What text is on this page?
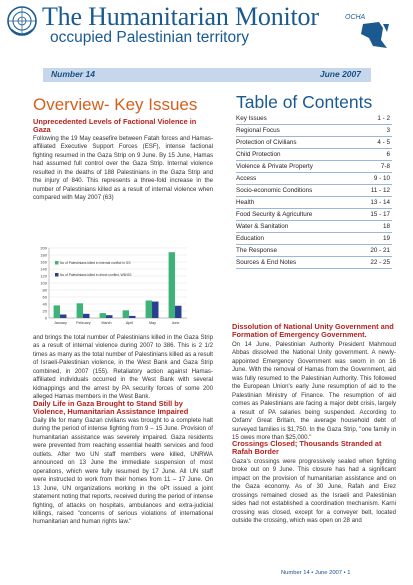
The Humanitarian Monitor
occupied Palestinian territory
OCHA
Number 14	June 2007
Overview- Key Issues
Unprecedented Levels of Factional Violence in Gaza
Following the 19 May ceasefire between Fatah forces and Hamas-affiliated Executive Support Forces (ESF), intense factional fighting resumed in the Gaza Strip on 9 June. By 15 June, Hamas had assumed full control over the Gaza Strip. Internal violence resulted in the deaths of 188 Palestinians in the Gaza Strip and the injury of 840. This represents a three-fold increase in the number of Palestinians killed as a result of internal violence when compared with May 2007 (63)
200
180
160
140
120
100
80
60
40
20
0
January	February	March	April	May	June
No of Palestinians killed in internal conflict in GS
No of Palestinians killed in direct conflict, WB/GS
and brings the total number of Palestinians killed in the Gaza Strip as a result of internal violence during 2007 to 386. This is 2 1/2 times as many as the total number of Palestinians killed as a result of Israeli-Palestinian violence, in the West Bank and Gaza Strip combined, in 2007 (155). Retaliatory action against Hamas-affiliated individuals occurred in the West Bank with several kidnappings and the arrest by PA security forces of some 200 alleged Hamas members in the West Bank.
Daily Life in Gaza Brought to Stand Still by Violence, Humanitarian Assistance Impaired
Daily life for many Gazan civilians was brought to a complete halt during the period of intense fighting from 9 – 15 June. Provision of humanitarian assistance was severely impaired. Gaza residents were prevented from reaching essential health services and food outlets. After two UN staff members were killed, UNRWA announced on 13 June the immediate suspension of most operations, which were fully resumed by 17 June. All UN staff were instructed to work from their homes from 11 – 17 June. On 13 June, UN organizations working in the oPt issued a joint statement noting that reports, received during the period of intense fighting, of attacks on hospitals, ambulances and extra-judicial killings, raised "concerns of serious violations of international humanitarian and human rights law."
Table of Contents
Key Issues	1 - 2
Regional Focus	3
Protection of Civilians	4 - 5
Child Protection	6
Violence & Private Property	7-8
Access	9 - 10
Socio-economic Conditions	11 - 12
Health	13 - 14
Food Security & Agriculture	15 - 17
Water & Sanitation	18
Education	19
The Response	20 - 21
Sources & End Notes	22 - 25
Dissolution of National Unity Government and Formation of Emergency Government.
On 14 June, Palestinian Authority President Mahmoud Abbas dissolved the National Unity government. A newly-appointed Emergency Government was sworn in on 16 June. With the removal of Hamas from the Government, aid was fully resumed to the Palestinian Authority. This followed the European Union's early June resumption of aid to the Palestinian Ministry of Finance. The resumption of aid comes as Palestinians are facing a major debt crisis, largely a result of PA salaries being suspended. According to Oxfam/ Great Britain, the average household debt of surveyed families is $1,750. In the Gaza Strip, "one family in 15 owes more than $25,000."
Crossings Closed; Thousands Stranded at Rafah Border
Gaza's crossings were progressively sealed when fighting broke out on 9 June. This closure has had a significant impact on the provision of humanitarian assistance and on the Gaza economy. As of 30 June, Rafah and Erez crossings remained closed as the Israeli and Palestinian sides had not established a coordination mechanism. Karni crossing was closed, except for a conveyer belt, located outside the crossing, which was open on 28 and
Number 14 • June 2007 • 1
